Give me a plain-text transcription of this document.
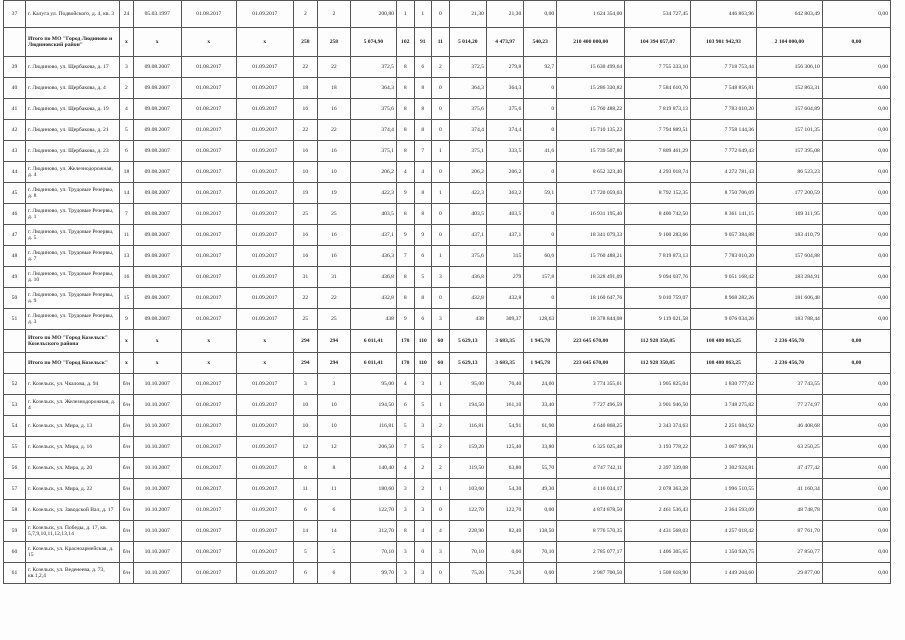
37	г. Калуга ул. Подвойского, д. 4, кв. 3	24	05.03.1997	01.08.2017	01.09.2017	2	2	200,80	1	1	0	21,30	21,30	0,00	1 624 354,00	534 727,45	446 863,96	642 803,49	0,00
	Итого по МО "Город Людиново и Людиновский район"	х	х	х	х	258	258	5 074,90	102	91	11	5 014,20	4 473,97	540,23	210 400 000,00	104 394 057,07	103 901 942,93	2 104 000,00	0,00
39	г. Людиново, ул. Щербакова, д. 17	3	09.08.2007	01.08.2017	01.09.2017	22	22	372,5	8	6	2	372,5	279,8	92,7	15 630 499,64	7 755 333,10	7 718 753,44	156 306,10	0,00
40	г. Людиново, ул. Щербакова, д. 4	2	09.08.2007	01.08.2017	01.09.2017	18	18	364,3	8	8	0	364,3	364,3	0	15 286 330,82	7 584 610,70	7 548 856,81	152 863,31	0,00
41	г. Людиново, ул. Щербакова, д. 19	4	09.08.2007	01.08.2017	01.09.2017	16	16	375,6	8	8	0	375,6	375,6	0	15 760 488,22	7 819 873,13	7 783 010,20	157 604,89	0,00
42	г. Людиново, ул. Щербакова, д. 21	5	09.08.2007	01.08.2017	01.09.2017	22	22	374,4	8	8	0	374,4	374,4	0	15 710 135,22	7 794 889,51	7 758 144,36	157 101,35	0,00
43	г. Людиново, ул. Щербакова, д. 23	6	09.08.2007	01.08.2017	01.09.2017	16	16	375,1	8	7	1	375,1	333,5	41,6	15 739 507,80	7 809 461,29	7 772 649,43	157 395,08	0,00
44	г. Людиново, ул. Железнодорожная, д. 4	18	09.08.2007	01.08.2017	01.09.2017	10	10	206,2	4	4	0	206,2	206,2	0	8 652 323,40	4 293 018,74	4 272 781,43	86 523,23	0,00
45	г. Людиново, ул. Трудовые Резервы, д. 8	14	09.08.2007	01.08.2017	01.09.2017	19	19	422,3	9	8	1	422,3	363,2	59,1	17 720 059,03	8 792 152,35	8 750 706,09	177 200,59	0,00
46	г. Людиново, ул. Трудовые Резервы, д. 1	7	09.08.2007	01.08.2017	01.09.2017	25	25	403,5	8	8	0	403,5	403,5	0	16 931 195,40	8 400 742,50	8 361 141,15	169 311,95	0,00
47	г. Людиново, ул. Трудовые Резервы, д. 5	11	09.08.2007	01.08.2017	01.09.2017	16	16	437,1	9	9	0	437,1	437,1	0	18 341 079,33	9 100 283,66	9 057 384,88	183 410,79	0,00
48	г. Людиново, ул. Трудовые Резервы, д. 7	13	09.08.2007	01.08.2017	01.09.2017	16	16	436,3	7	6	1	375,6	315	60,6	15 760 488,21	7 819 873,13	7 783 010,20	157 604,88	0,00
49	г. Людиново, ул. Трудовые Резервы, д. 10	16	09.08.2007	01.08.2017	01.09.2017	31	31	436,8	8	5	3	436,8	279	157,8	18 328 491,09	9 094 037,76	9 051 168,42	183 284,91	0,00
50	г. Людиново, ул. Трудовые Резервы, д. 9	15	09.08.2007	01.08.2017	01.09.2017	22	22	432,8	8	8	0	432,8	432,8	0	18 160 647,76	9 010 759,07	8 968 282,26	181 606,48	0,00
51	г. Людиново, ул. Трудовые Резервы, д. 3	9	09.08.2007	01.08.2017	01.09.2017	25	25	438	9	6	3	438	309,37	128,63	18 378 844,08	9 119 021,58	9 076 034,26	183 788,44	0,00
	Итого по МО "Город Козельск" Козельского района	х	х	х	х	294	294	6 011,41	170	110	60	5 629,13	3 683,35	1 945,78	223 645 670,00	112 928 350,05	108 480 863,25	2 236 456,70	0,00
	Итого по МО "Город Козельск"	х	х	х	х	294	294	6 011,41	170	110	60	5 629,13	3 683,35	1 945,78	223 645 670,00	112 928 350,05	108 480 863,25	2 236 456,70	0,00
52	г. Козельск, ул. Чкалова, д. 94	б/н	10.10.2007	01.08.2017	01.09.2017	3	3	95,00	4	3	1	95,00	70,40	24,60	3 774 355,61	1 905 825,04	1 830 777,02	37 743,55	0,00
53	г. Козельск, ул. Железнодорожная, д. 4	б/н	10.10.2007	01.08.2017	01.09.2017	10	10	194,50	6	5	1	194,50	161,10	33,40	7 727 496,59	3 901 946,50	3 748 275,82	77 274,97	0,00
54	г. Козельск, ул. Мира, д. 13	б/н	10.10.2007	01.08.2017	01.09.2017	10	10	116,81	5	3	2	116,81	54,91	61,90	4 640 868,25	2 343 374,63	2 251 084,92	46 408,68	0,00
55	г. Козельск, ул. Мира, д. 16	б/н	10.10.2007	01.08.2017	01.09.2017	12	12	206,50	7	5	2	159,20	125,40	33,80	6 325 025,48	3 193 778,22	3 067 996,91	63 250,25	0,00
56	г. Козельск, ул. Мира, д. 20	б/н	10.10.2007	01.08.2017	01.09.2017	8	8	140,40	4	2	2	119,50	63,80	55,70	4 747 742,11	2 397 339,08	2 302 924,81	47 477,42	0,00
57	г. Козельск, ул. Мира, д. 22	б/н	10.10.2007	01.08.2017	01.09.2017	11	11	180,60	3	2	1	103,60	54,30	49,30	4 116 034,17	2 078 363,28	1 996 510,55	41 160,34	0,00
58	г. Козельск, ул. Заводской Вал, д. 17	б/н	10.10.2007	01.08.2017	01.09.2017	6	6	122,70	3	3	0	122,70	122,70	0,00	4 874 878,50	2 461 536,43	2 364 593,09	48 748,78	0,00
59	г. Козельск, ул. Победы, д. 17, кв. 5,7,9,10,11,12,13,14	б/н	10.10.2007	01.08.2017	01.09.2017	14	14	312,70	8	4	4	228,90	82,40	138,50	8 776 570,35	4 431 568,03	4 257 018,42	87 761,70	0,00
60	г. Козельск, ул. Красноармейская, д. 15	б/н	10.10.2007	01.08.2017	01.09.2017	5	5	70,10	3	0	3	70,10	0,00	70,10	2 785 077,17	1 406 305,65	1 350 920,75	27 850,77	0,00
61	г. Козельск, ул. Веденеева, д. 73, кв.1,2,4	б/н	10.10.2007	01.08.2017	01.09.2017	6	6	99,70	3	3	0	75,20	75,20	0,00	2 987 700,50	1 508 618,90	1 449 204,60	29 877,00	0,00
